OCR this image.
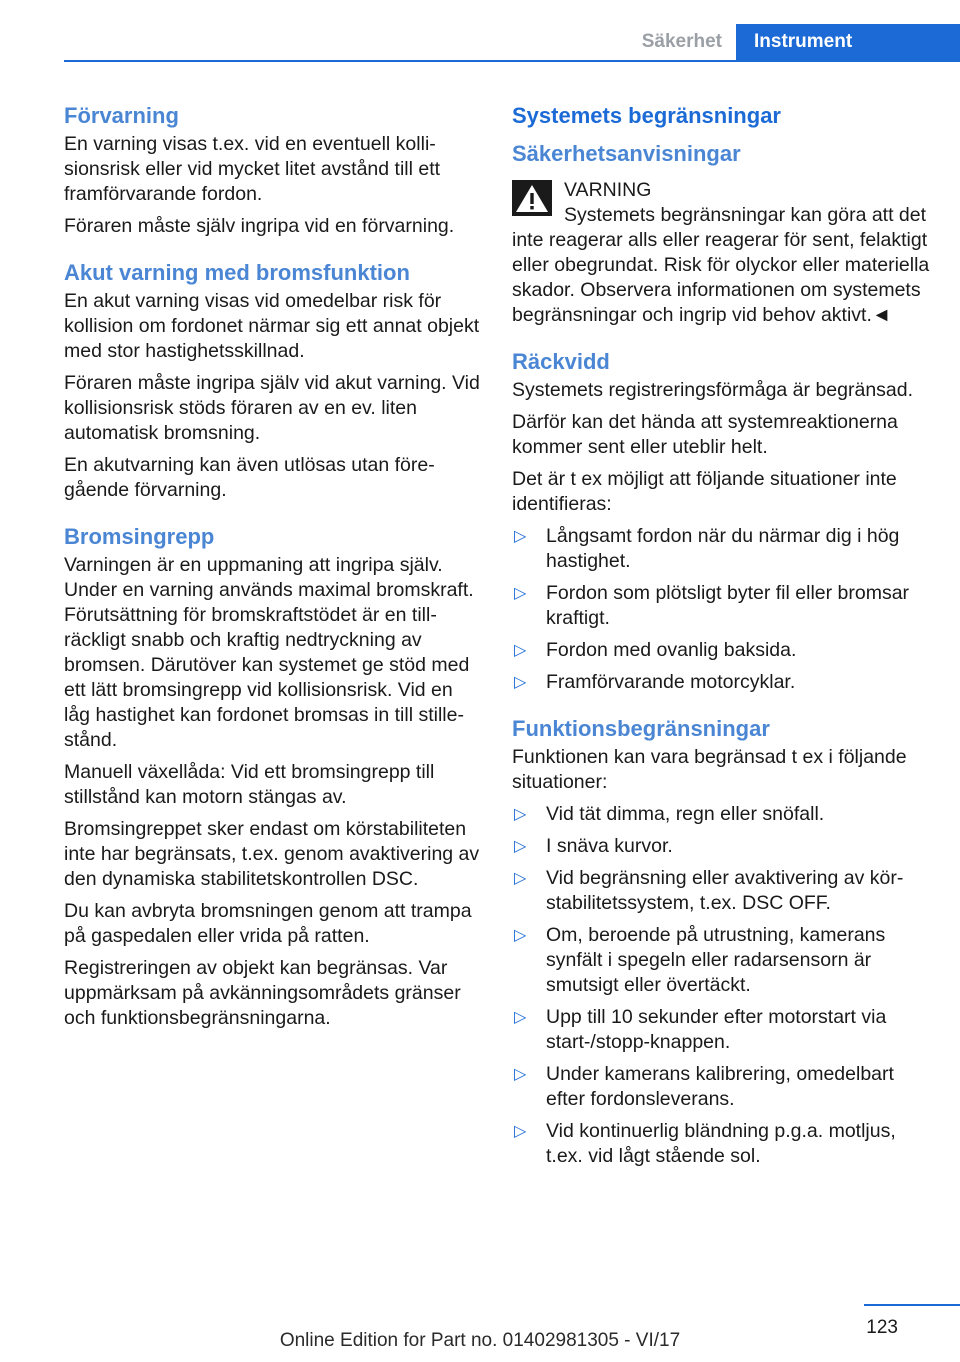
Säkerhet	Instrument
Förvarning

En varning visas t.ex. vid en eventuell kollisionsrisk eller vid mycket litet avstånd till ett framförvarande fordon.

Föraren måste själv ingripa vid en förvarning.

Akut varning med bromsfunktion

En akut varning visas vid omedelbar risk för kollision om fordonet närmar sig ett annat objekt med stor hastighetsskillnad.

Föraren måste ingripa själv vid akut varning. Vid kollisionsrisk stöds föraren av en ev. liten automatisk bromsning.

En akutvarning kan även utlösas utan föregående förvarning.

Bromsingrepp

Varningen är en uppmaning att ingripa själv. Under en varning används maximal bromskraft. Förutsättning för bromskraftstödet är en tillräckligt snabb och kraftig nedtryckning av bromsen. Därutöver kan systemet ge stöd med ett lätt bromsingrepp vid kollisionsrisk. Vid en låg hastighet kan fordonet bromsas in till stillestånd.

Manuell växellåda: Vid ett bromsingrepp till stillstånd kan motorn stängas av.

Bromsingreppet sker endast om körstabiliteten inte har begränsats, t.ex. genom avaktivering av den dynamiska stabilitetskontrollen DSC.

Du kan avbryta bromsningen genom att trampa på gaspedalen eller vrida på ratten.

Registreringen av objekt kan begränsas. Var uppmärksam på avkänningsområdets gränser och funktionsbegränsningarna.

Systemets begränsningar
Säkerhetsanvisningar
VARNING

Systemets begränsningar kan göra att det inte reagerar alls eller reagerar för sent, felaktigt eller obegrundat. Risk för olyckor eller materiella skador. Observera informationen om systemets begränsningar och ingrip vid behov aktivt.◄

Räckvidd

Systemets registreringsförmåga är begränsad.

Därför kan det hända att systemreaktionerna kommer sent eller uteblir helt.

Det är t ex möjligt att följande situationer inte identifieras:

▷ Långsamt fordon när du närmar dig i hög hastighet.
▷ Fordon som plötsligt byter fil eller bromsar kraftigt.
▷ Fordon med ovanlig baksida.
▷ Framförvarande motorcyklar.
Funktionsbegränsningar

Funktionen kan vara begränsad t ex i följande situationer:

▷ Vid tät dimma, regn eller snöfall.
▷ I snäva kurvor.
▷ Vid begränsning eller avaktivering av körstabilitetssystem, t.ex. DSC OFF.
▷ Om, beroende på utrustning, kamerans synfält i spegeln eller radarsensorn är smutsigt eller övertäckt.
▷ Upp till 10 sekunder efter motorstart via start-/stopp-knappen.
▷ Under kamerans kalibrering, omedelbart efter fordonsleverans.
▷ Vid kontinuerlig bländning p.g.a. motljus, t.ex. vid lågt stående sol.
123
Online Edition for Part no. 01402981305 - VI/17
